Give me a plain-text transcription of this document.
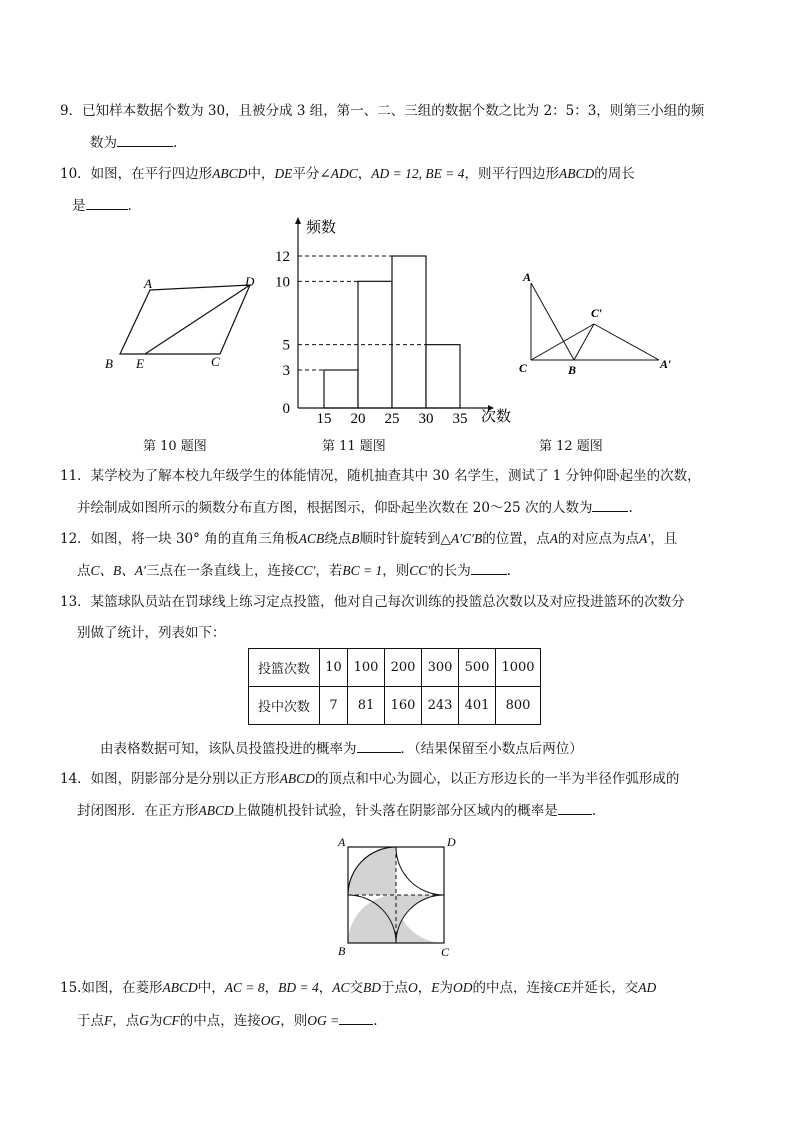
9．已知样本数据个数为 30，且被分成 3 组，第一、二、三组的数据个数之比为 2：5：3，则第三小组的频
数为	.
10．如图，在平行四边形ABCD中，DE平分∠ADC，AD = 12, BE = 4，则平行四边形ABCD的周长
是	.
A	D
B E	C
第 10 题图
0
3
5
10
12
15 20 25 30 35
频数
次数
第 11 题图
A
C′
C	B	A′
第 12 题图
11．某学校为了解本校九年级学生的体能情况，随机抽查其中 30 名学生，测试了 1 分钟仰卧起坐的次数，
并绘制成如图所示的频数分布直方图，根据图示，仰卧起坐次数在 20～25 次的人数为	.
12．如图，将一块 30° 角的直角三角板ACB绕点B顺时针旋转到△A′C′B的位置，点A的对应点为点A′，且
点C、B、A′三点在一条直线上，连接CC′，若BC = 1，则CC′的长为	.
13．某篮球队员站在罚球线上练习定点投篮，他对自己每次训练的投篮总次数以及对应投进篮环的次数分
别做了统计，列表如下：
投篮次数	10	100	200	300	500	1000
投中次数	7	81	160	243	401	800
由表格数据可知，该队员投篮投进的概率为	．（结果保留至小数点后两位）
14．如图，阴影部分是分别以正方形ABCD的顶点和中心为圆心，以正方形边长的一半为半径作弧形成的
封闭图形．在正方形ABCD上做随机投针试验，针头落在阴影部分区域内的概率是	.
A	D
B	C
15.如图，在菱形ABCD中，AC = 8，BD = 4，AC交BD于点O，E为OD的中点，连接CE并延长，交AD
于点F，点G为CF的中点，连接OG，则OG =	.
